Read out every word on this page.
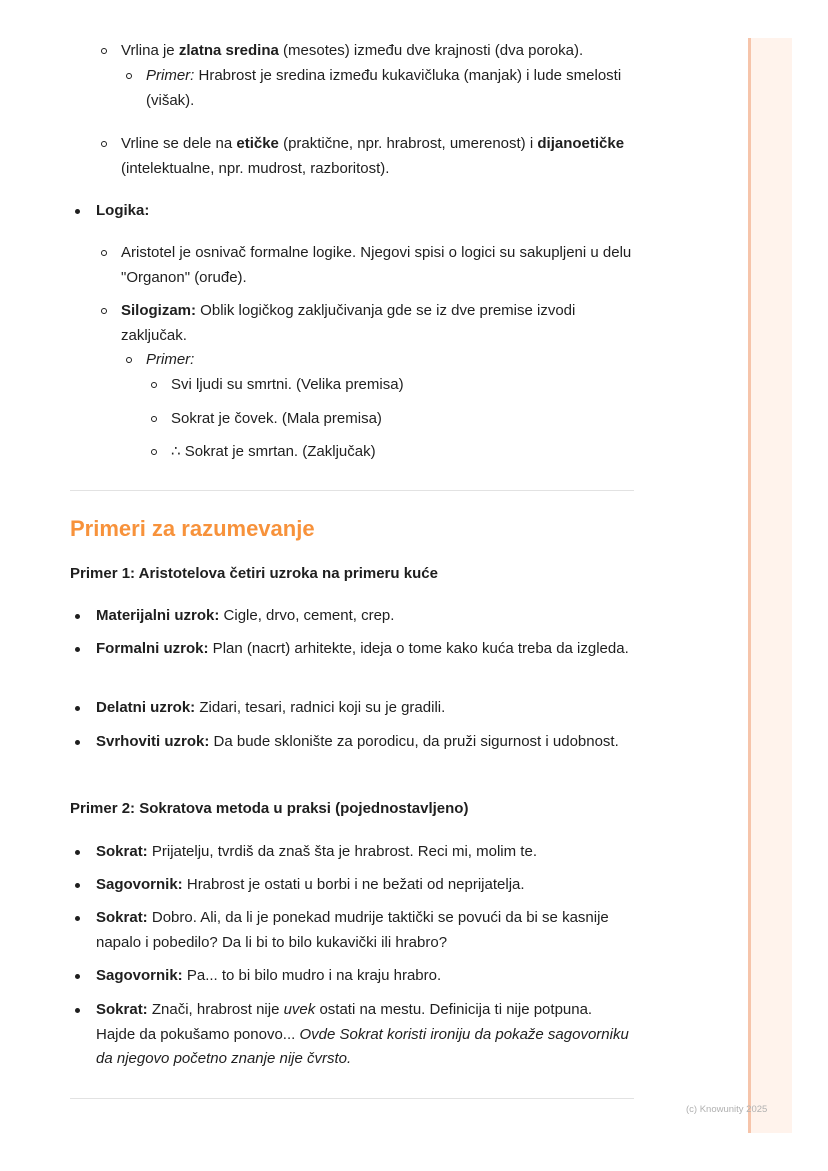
Vrlina je zlatna sredina (mesotes) između dve krajnosti (dva poroka).
Primer: Hrabrost je sredina između kukavičluka (manjak) i lude smelosti (višak).
Vrline se dele na etičke (praktične, npr. hrabrost, umerenost) i dijanoetičke (intelektualne, npr. mudrost, razboritost).
Logika:
Aristotel je osnivač formalne logike. Njegovi spisi o logici su sakupljeni u delu "Organon" (oruđe).
Silogizam: Oblik logičkog zaključivanja gde se iz dve premise izvodi zaključak.
Primer:
Svi ljudi su smrtni. (Velika premisa)
Sokrat je čovek. (Mala premisa)
∴ Sokrat je smrtan. (Zaključak)
Materijalni uzrok: Cigle, drvo, cement, crep.
Formalni uzrok: Plan (nacrt) arhitekte, ideja o tome kako kuća treba da izgleda.
Delatni uzrok: Zidari, tesari, radnici koji su je gradili.
Svrhoviti uzrok: Da bude sklonište za porodicu, da pruži sigurnost i udobnost.
Sokrat: Prijatelju, tvrdiš da znaš šta je hrabrost. Reci mi, molim te.
Sagovornik: Hrabrost je ostati u borbi i ne bežati od neprijatelja.
Sokrat: Dobro. Ali, da li je ponekad mudrije taktički se povući da bi se kasnije napalo i pobedilo? Da li bi to bilo kukavički ili hrabro?
Sagovornik: Pa... to bi bilo mudro i na kraju hrabro.
Sokrat: Znači, hrabrost nije uvek ostati na mestu. Definicija ti nije potpuna. Hajde da pokušamo ponovo... Ovde Sokrat koristi ironiju da pokaže sagovorniku da njegovo početno znanje nije čvrsto.
Primeri za razumevanje
Primer 1: Aristotelova četiri uzroka na primeru kuće
Primer 2: Sokratova metoda u praksi (pojednostavljeno)
(c) Knowunity 2025
